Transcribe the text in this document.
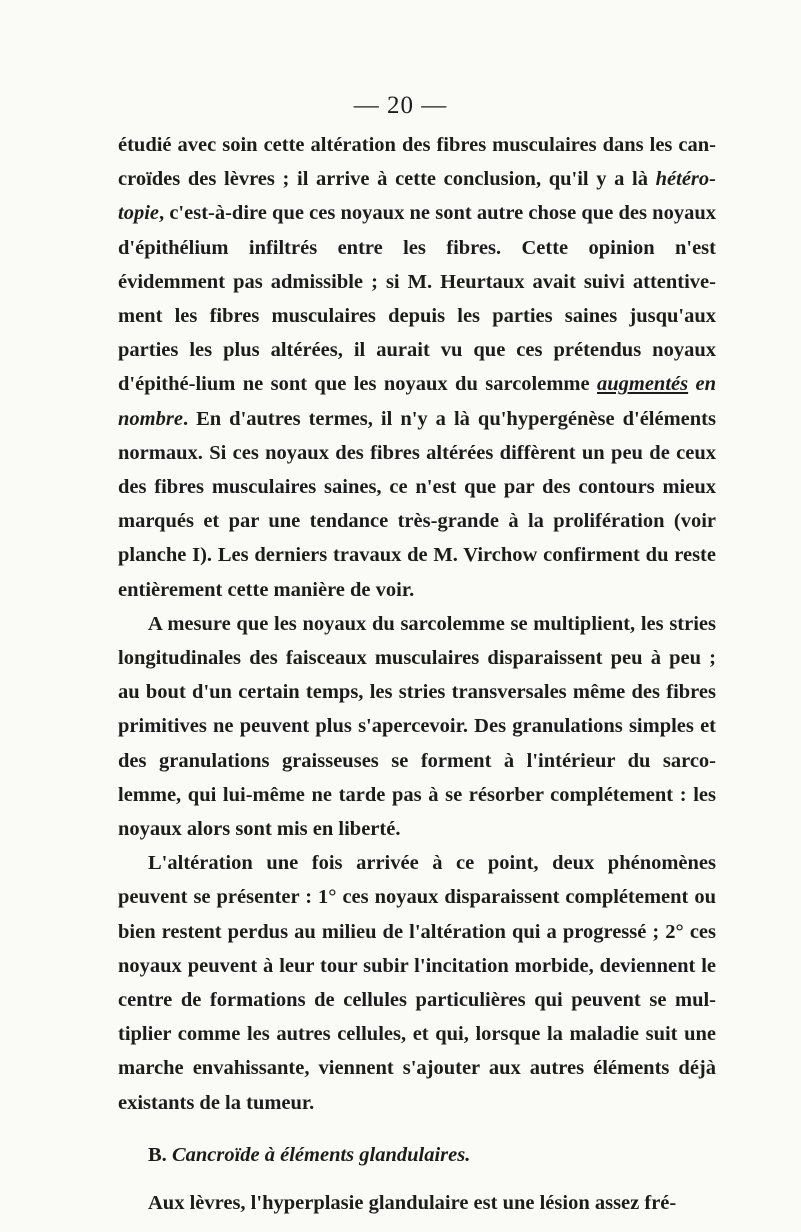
— 20 —

étudié avec soin cette altération des fibres musculaires dans les can-croïdes des lèvres ; il arrive à cette conclusion, qu'il y a là hétéro-topie, c'est-à-dire que ces noyaux ne sont autre chose que des noyaux d'épithélium infiltrés entre les fibres. Cette opinion n'est évidemment pas admissible ; si M. Heurtaux avait suivi attentive-ment les fibres musculaires depuis les parties saines jusqu'aux parties les plus altérées, il aurait vu que ces prétendus noyaux d'épithé-lium ne sont que les noyaux du sarcolemme augmentés en nombre. En d'autres termes, il n'y a là qu'hypergénèse d'éléments normaux. Si ces noyaux des fibres altérées diffèrent un peu de ceux des fibres musculaires saines, ce n'est que par des contours mieux marqués et par une tendance très-grande à la prolifération (voir planche I). Les derniers travaux de M. Virchow confirment du reste entièrement cette manière de voir.

A mesure que les noyaux du sarcolemme se multiplient, les stries longitudinales des faisceaux musculaires disparaissent peu à peu ; au bout d'un certain temps, les stries transversales même des fibres primitives ne peuvent plus s'apercevoir. Des granulations simples et des granulations graisseuses se forment à l'intérieur du sarco-lemme, qui lui-même ne tarde pas à se résorber complétement : les noyaux alors sont mis en liberté.

L'altération une fois arrivée à ce point, deux phénomènes peuvent se présenter : 1° ces noyaux disparaissent complétement ou bien restent perdus au milieu de l'altération qui a progressé ; 2° ces noyaux peuvent à leur tour subir l'incitation morbide, deviennent le centre de formations de cellules particulières qui peuvent se mul-tiplier comme les autres cellules, et qui, lorsque la maladie suit une marche envahissante, viennent s'ajouter aux autres éléments déjà existants de la tumeur.

B. Cancroïde à éléments glandulaires.

Aux lèvres, l'hyperplasie glandulaire est une lésion assez fré-
